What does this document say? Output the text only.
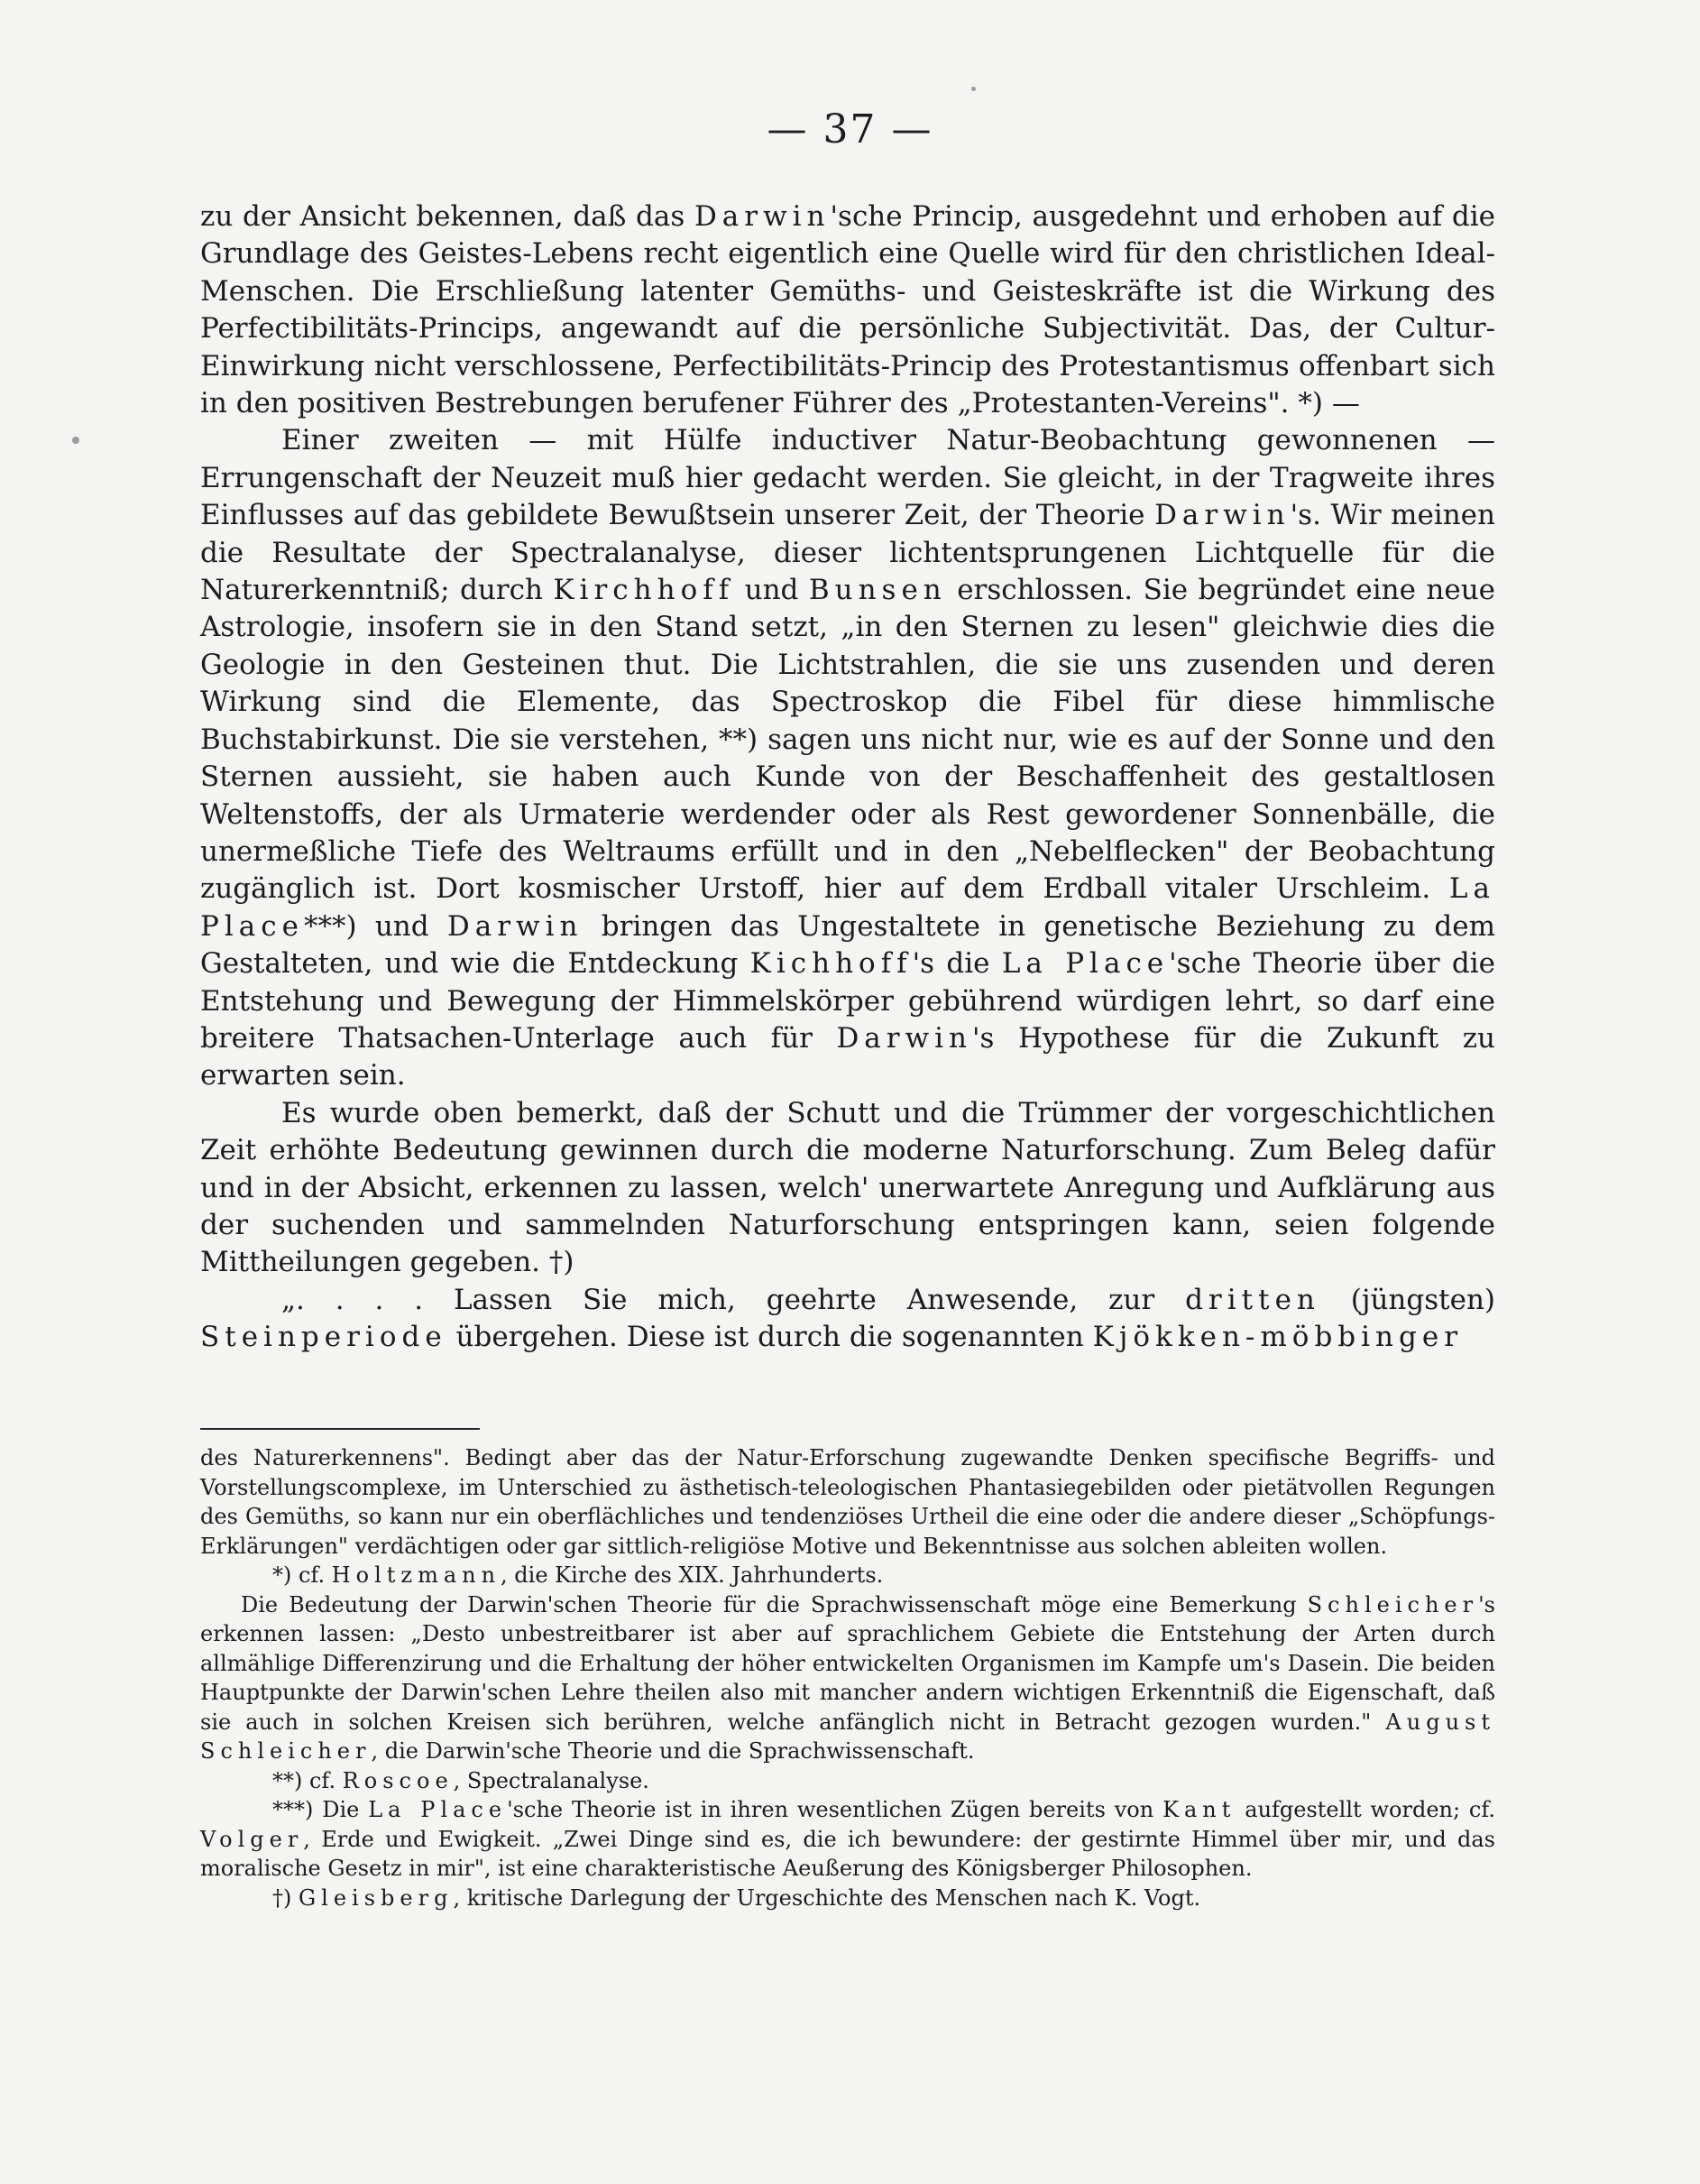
— 37 —

zu der Ansicht bekennen, daß das Darwin'sche Princip, ausgedehnt und erhoben auf die Grundlage des Geistes-Lebens recht eigentlich eine Quelle wird für den christlichen Ideal-Menschen. Die Erschließung latenter Gemüths- und Geisteskräfte ist die Wirkung des Perfectibilitäts-Princips, angewandt auf die persönliche Subjectivität. Das, der Cultur-Einwirkung nicht verschlossene, Perfectibilitäts-Princip des Protestantismus offenbart sich in den positiven Bestrebungen berufener Führer des „Protestanten-Vereins". *) —

Einer zweiten — mit Hülfe inductiver Natur-Beobachtung gewonnenen — Errungenschaft der Neuzeit muß hier gedacht werden. Sie gleicht, in der Tragweite ihres Einflusses auf das gebildete Bewußtsein unserer Zeit, der Theorie Darwin's. Wir meinen die Resultate der Spectralanalyse, dieser lichtentsprungenen Lichtquelle für die Naturerkenntniß; durch Kirchhoff und Bunsen erschlossen. Sie begründet eine neue Astrologie, insofern sie in den Stand setzt, „in den Sternen zu lesen" gleichwie dies die Geologie in den Gesteinen thut. Die Lichtstrahlen, die sie uns zusenden und deren Wirkung sind die Elemente, das Spectroskop die Fibel für diese himmlische Buchstabirkunst. Die sie verstehen, **) sagen uns nicht nur, wie es auf der Sonne und den Sternen aussieht, sie haben auch Kunde von der Beschaffenheit des gestaltlosen Weltenstoffs, der als Urmaterie werdender oder als Rest gewordener Sonnenbälle, die unermeßliche Tiefe des Weltraums erfüllt und in den „Nebelflecken" der Beobachtung zugänglich ist. Dort kosmischer Urstoff, hier auf dem Erdball vitaler Urschleim. La Place***) und Darwin bringen das Ungestaltete in genetische Beziehung zu dem Gestalteten, und wie die Entdeckung Kichhoff's die La Place'sche Theorie über die Entstehung und Bewegung der Himmelskörper gebührend würdigen lehrt, so darf eine breitere Thatsachen-Unterlage auch für Darwin's Hypothese für die Zukunft zu erwarten sein.

Es wurde oben bemerkt, daß der Schutt und die Trümmer der vorgeschichtlichen Zeit erhöhte Bedeutung gewinnen durch die moderne Naturforschung. Zum Beleg dafür und in der Absicht, erkennen zu lassen, welch' unerwartete Anregung und Aufklärung aus der suchenden und sammelnden Naturforschung entspringen kann, seien folgende Mittheilungen gegeben. †)

„. . . . Lassen Sie mich, geehrte Anwesende, zur dritten (jüngsten) Steinperiode übergehen. Diese ist durch die sogenannten Kjökken-möbbinger

des Naturerkennens". Bedingt aber das der Natur-Erforschung zugewandte Denken specifische Begriffs- und Vorstellungscomplexe, im Unterschied zu ästhetisch-teleologischen Phantasiegebilden oder pietätvollen Regungen des Gemüths, so kann nur ein oberflächliches und tendenziöses Urtheil die eine oder die andere dieser „Schöpfungs-Erklärungen" verdächtigen oder gar sittlich-religiöse Motive und Bekenntnisse aus solchen ableiten wollen.

*) cf. Holtzmann, die Kirche des XIX. Jahrhunderts.

Die Bedeutung der Darwin'schen Theorie für die Sprachwissenschaft möge eine Bemerkung Schleicher's erkennen lassen: „Desto unbestreitbarer ist aber auf sprachlichem Gebiete die Entstehung der Arten durch allmählige Differenzirung und die Erhaltung der höher entwickelten Organismen im Kampfe um's Dasein. Die beiden Hauptpunkte der Darwin'schen Lehre theilen also mit mancher andern wichtigen Erkenntniß die Eigenschaft, daß sie auch in solchen Kreisen sich berühren, welche anfänglich nicht in Betracht gezogen wurden." August Schleicher, die Darwin'sche Theorie und die Sprachwissenschaft.

**) cf. Roscoe, Spectralanalyse.

***) Die La Place'sche Theorie ist in ihren wesentlichen Zügen bereits von Kant aufgestellt worden; cf. Volger, Erde und Ewigkeit. „Zwei Dinge sind es, die ich bewundere: der gestirnte Himmel über mir, und das moralische Gesetz in mir", ist eine charakteristische Aeußerung des Königsberger Philosophen.

†) Gleisberg, kritische Darlegung der Urgeschichte des Menschen nach K. Vogt.
